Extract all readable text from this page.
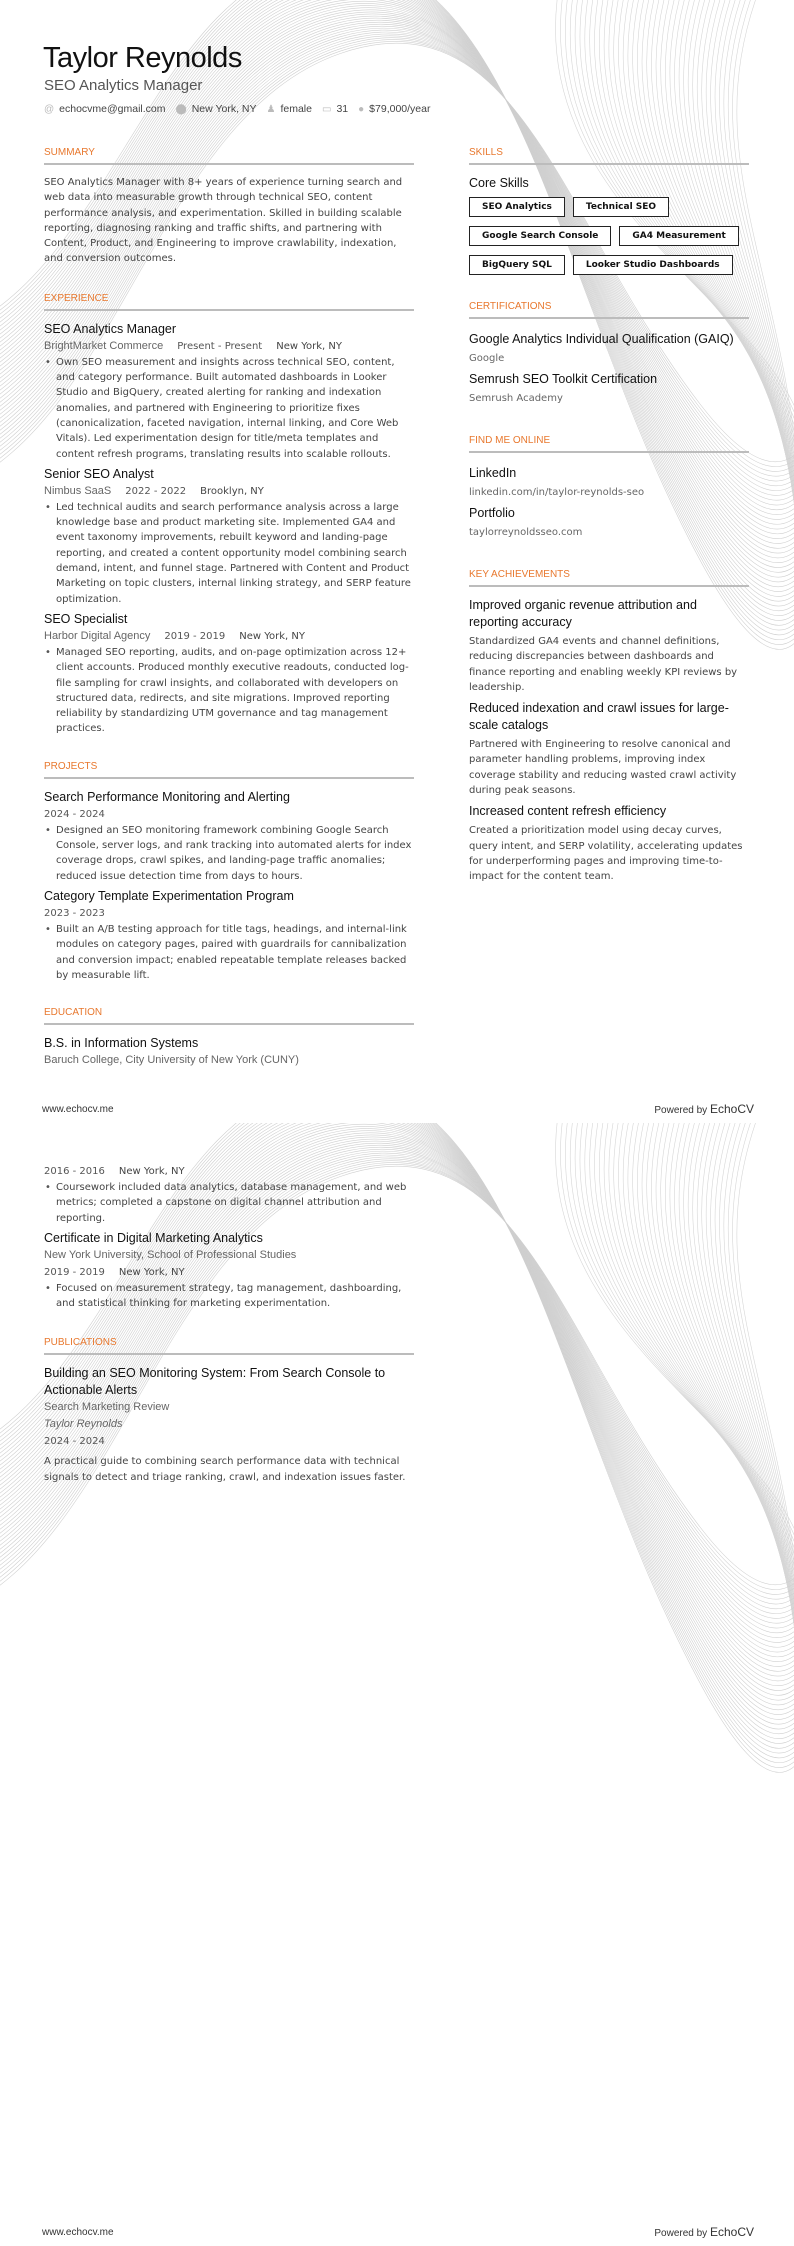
Taylor Reynolds
SEO Analytics Manager
@ echocvme@gmail.com ⬤ New York, NY ♟ female ▭ 31 ● $79,000/year
SUMMARY

SEO Analytics Manager with 8+ years of experience turning search and web data into measurable growth through technical SEO, content performance analysis, and experimentation. Skilled in building scalable reporting, diagnosing ranking and traffic shifts, and partnering with Content, Product, and Engineering to improve crawlability, indexation, and conversion outcomes.

EXPERIENCE
SEO Analytics Manager
BrightMarket Commerce Present - Present New York, NY
• Own SEO measurement and insights across technical SEO, content, and category performance. Built automated dashboards in Looker Studio and BigQuery, created alerting for ranking and indexation anomalies, and partnered with Engineering to prioritize fixes (canonicalization, faceted navigation, internal linking, and Core Web Vitals). Led experimentation design for title/meta templates and content refresh programs, translating results into scalable rollouts.
Senior SEO Analyst
Nimbus SaaS 2022 - 2022 Brooklyn, NY
• Led technical audits and search performance analysis across a large knowledge base and product marketing site. Implemented GA4 and event taxonomy improvements, rebuilt keyword and landing-page reporting, and created a content opportunity model combining search demand, intent, and funnel stage. Partnered with Content and Product Marketing on topic clusters, internal linking strategy, and SERP feature optimization.
SEO Specialist
Harbor Digital Agency 2019 - 2019 New York, NY
• Managed SEO reporting, audits, and on-page optimization across 12+ client accounts. Produced monthly executive readouts, conducted log-file sampling for crawl insights, and collaborated with developers on structured data, redirects, and site migrations. Improved reporting reliability by standardizing UTM governance and tag management practices.
PROJECTS
Search Performance Monitoring and Alerting
2024 - 2024
• Designed an SEO monitoring framework combining Google Search Console, server logs, and rank tracking into automated alerts for index coverage drops, crawl spikes, and landing-page traffic anomalies; reduced issue detection time from days to hours.
Category Template Experimentation Program
2023 - 2023
• Built an A/B testing approach for title tags, headings, and internal-link modules on category pages, paired with guardrails for cannibalization and conversion impact; enabled repeatable template releases backed by measurable lift.
EDUCATION
B.S. in Information Systems
Baruch College, City University of New York (CUNY)
SKILLS
Core Skills
SEO Analytics	Technical SEO
Google Search Console	GA4 Measurement
BigQuery SQL	Looker Studio Dashboards
CERTIFICATIONS
Google Analytics Individual Qualification (GAIQ)
Google
Semrush SEO Toolkit Certification
Semrush Academy
FIND ME ONLINE
LinkedIn
linkedin.com/in/taylor-reynolds-seo
Portfolio
taylorreynoldsseo.com
KEY ACHIEVEMENTS
Improved organic revenue attribution and reporting accuracy

Standardized GA4 events and channel definitions, reducing discrepancies between dashboards and finance reporting and enabling weekly KPI reviews by leadership.

Reduced indexation and crawl issues for large-scale catalogs

Partnered with Engineering to resolve canonical and parameter handling problems, improving index coverage stability and reducing wasted crawl activity during peak seasons.

Increased content refresh efficiency

Created a prioritization model using decay curves, query intent, and SERP volatility, accelerating updates for underperforming pages and improving time-to-impact for the content team.

www.echocv.me	Powered by EchoCV
2016 - 2016 New York, NY
• Coursework included data analytics, database management, and web metrics; completed a capstone on digital channel attribution and reporting.
Certificate in Digital Marketing Analytics
New York University, School of Professional Studies
2019 - 2019 New York, NY
• Focused on measurement strategy, tag management, dashboarding, and statistical thinking for marketing experimentation.
PUBLICATIONS
Building an SEO Monitoring System: From Search Console to Actionable Alerts
Search Marketing Review
Taylor Reynolds
2024 - 2024

A practical guide to combining search performance data with technical signals to detect and triage ranking, crawl, and indexation issues faster.

www.echocv.me	Powered by EchoCV
